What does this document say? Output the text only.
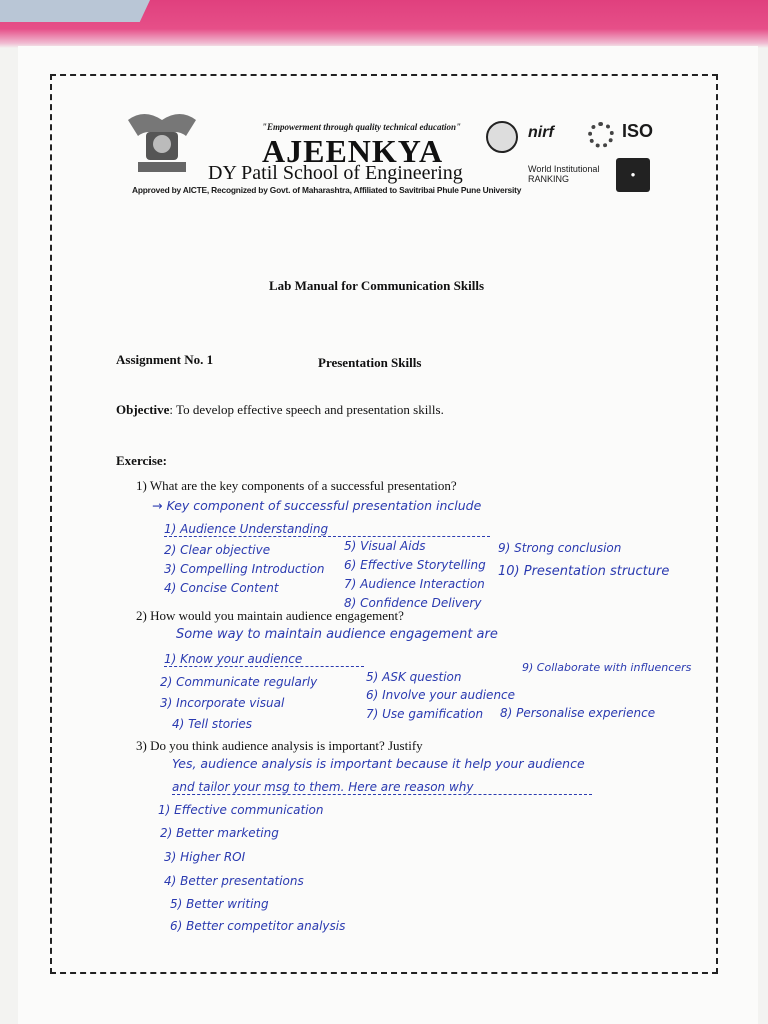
"Empowerment through quality technical education"
AJEENKYA
DY Patil School of Engineering
Approved by AICTE, Recognized by Govt. of Maharashtra, Affiliated to Savitribai Phule Pune University
nirf	ISO
World Institutional
RANKING	●
Lab Manual for Communication Skills
Assignment No. 1	Presentation Skills
Objective: To develop effective speech and presentation skills.
Exercise:
1) What are the key components of a successful presentation?
→ Key component of successful presentation include
1) Audience Understanding
2) Clear objective
3) Compelling Introduction
4) Concise Content
5) Visual Aids
6) Effective Storytelling
7) Audience Interaction
8) Confidence Delivery
9) Strong conclusion
10) Presentation structure
2) How would you maintain audience engagement?
Some way to maintain audience engagement are
1) Know your audience
2) Communicate regularly
3) Incorporate visual
4) Tell stories
5) ASK question
6) Involve your audience
7) Use gamification 8) Personalise experience
9) Collaborate with influencers
3) Do you think audience analysis is important? Justify
Yes, audience analysis is important because it help your audience
and tailor your msg to them. Here are reason why
1) Effective communication
2) Better marketing
3) Higher ROI
4) Better presentations
5) Better writing
6) Better competitor analysis
